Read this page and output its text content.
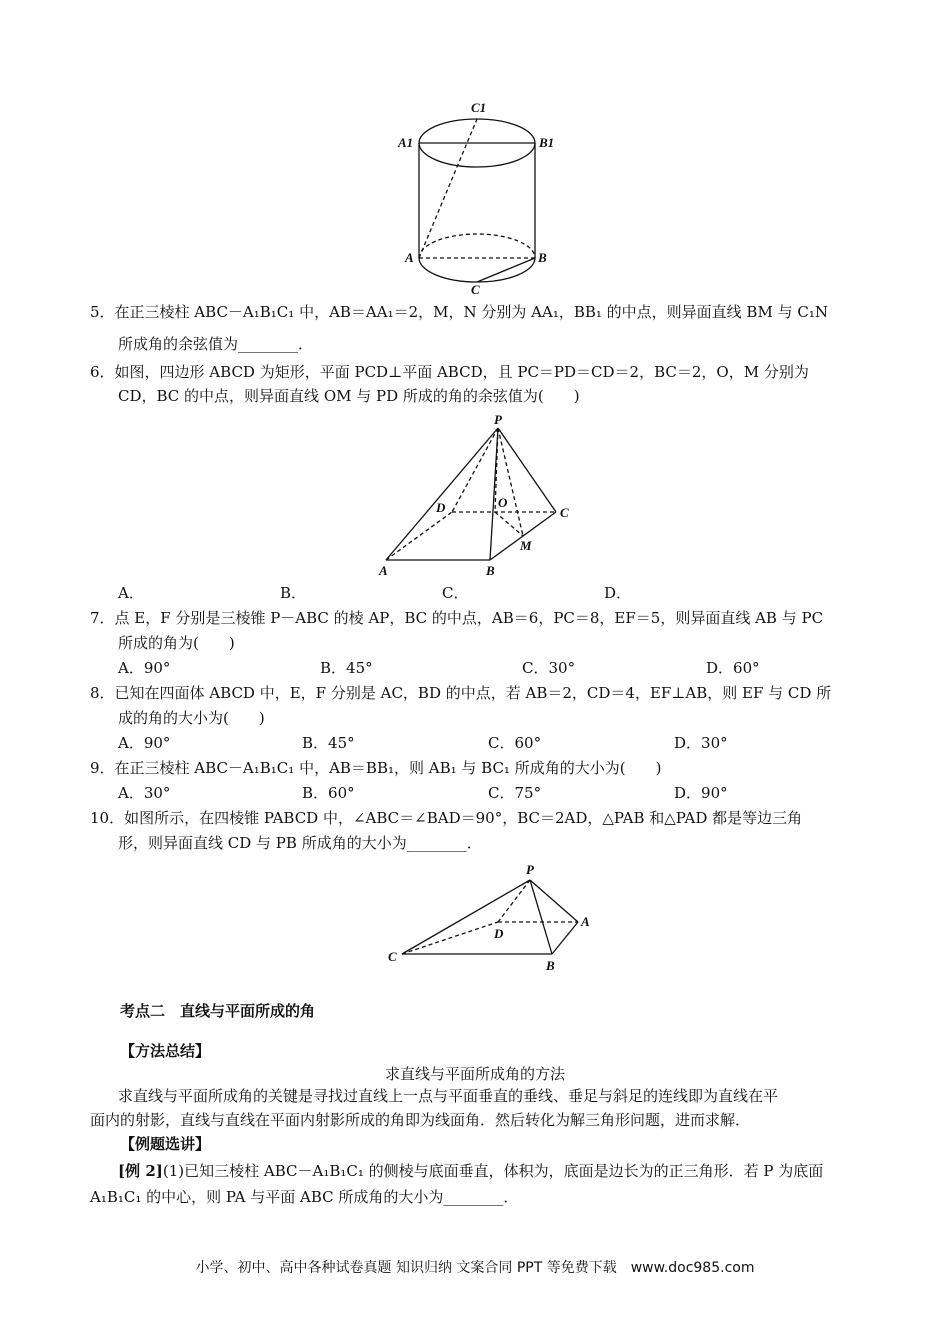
C1
A1	B1
A	B
C
5．在正三棱柱 ABC－A₁B₁C₁ 中，AB＝AA₁＝2，M，N 分别为 AA₁，BB₁ 的中点，则异面直线 BM 与 C₁N
所成角的余弦值为________．
6．如图，四边形 ABCD 为矩形，平面 PCD⊥平面 ABCD，且 PC＝PD＝CD＝2，BC＝2，O，M 分别为
CD，BC 的中点，则异面直线 OM 与 PD 所成的角的余弦值为(　　)
P
D	O
C
M
A	B
A．	B．	C．	D．
7．点 E，F 分别是三棱锥 P－ABC 的棱 AP，BC 的中点，AB＝6，PC＝8，EF＝5，则异面直线 AB 与 PC
所成的角为(　　)
A．90°	B．45°	C．30°	D．60°
8．已知在四面体 ABCD 中，E，F 分别是 AC，BD 的中点，若 AB＝2，CD＝4，EF⊥AB，则 EF 与 CD 所
成的角的大小为(　　)
A．90°	B．45°	C．60°	D．30°
9．在正三棱柱 ABC－A₁B₁C₁ 中，AB＝BB₁，则 AB₁ 与 BC₁ 所成角的大小为(　　)
A．30°	B．60°	C．75°	D．90°
10．如图所示，在四棱锥 PABCD 中，∠ABC＝∠BAD＝90°，BC＝2AD，△PAB 和△PAD 都是等边三角
形，则异面直线 CD 与 PB 所成角的大小为________．
P
A
D
C
B
考点二　直线与平面所成的角
【方法总结】
求直线与平面所成角的方法
求直线与平面所成角的关键是寻找过直线上一点与平面垂直的垂线、垂足与斜足的连线即为直线在平
面内的射影，直线与直线在平面内射影所成的角即为线面角．然后转化为解三角形问题，进而求解．
【例题选讲】
[例 2](1)已知三棱柱 ABC－A₁B₁C₁ 的侧棱与底面垂直，体积为，底面是边长为的正三角形．若 P 为底面
A₁B₁C₁ 的中心，则 PA 与平面 ABC 所成角的大小为________．
小学、初中、高中各种试卷真题 知识归纳 文案合同 PPT 等免费下载　www.doc985.com
